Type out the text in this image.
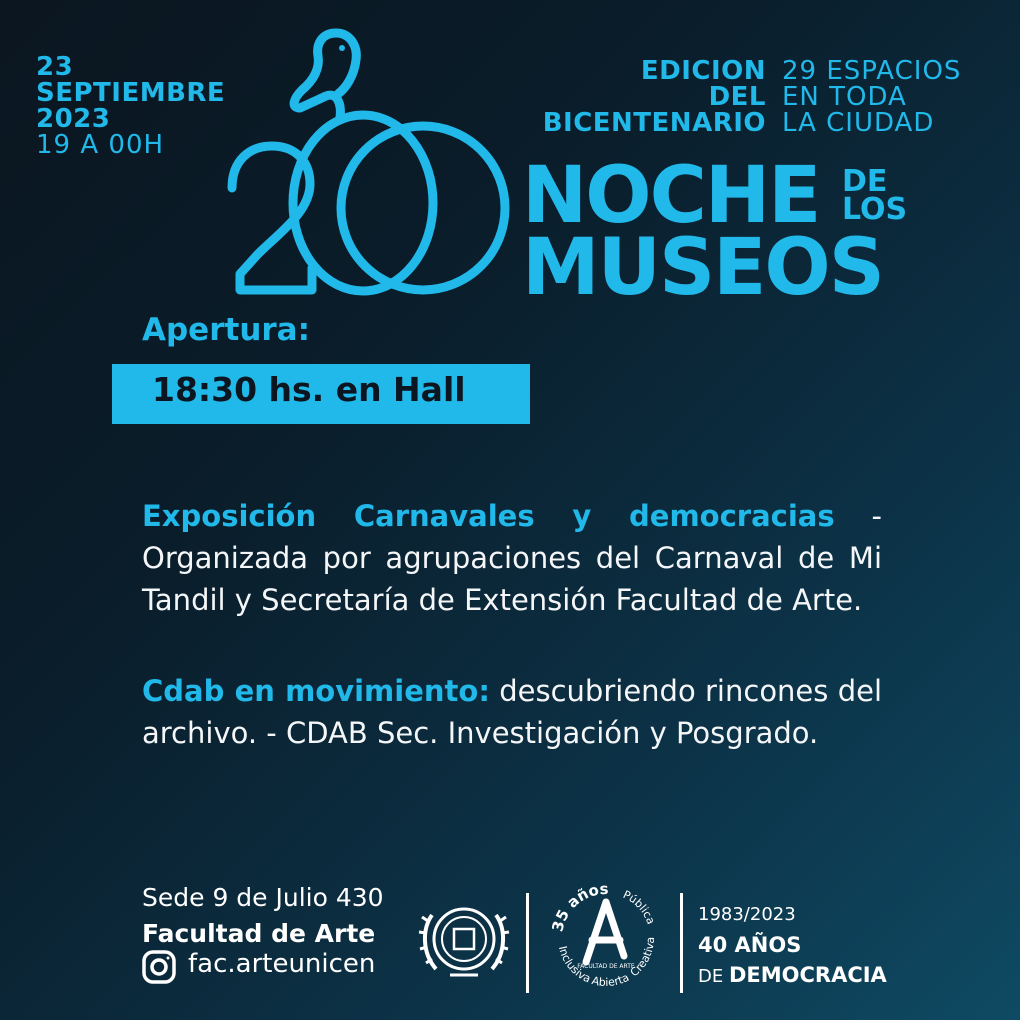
23
SEPTIEMBRE
2023
19 A 00H
EDICION
DEL
BICENTENARIO
29 ESPACIOS
EN TODA
LA CIUDAD
NOCHE DE
LOS
MUSEOS
Apertura:
18:30 hs. en Hall
Exposición Carnavales y democracias - Organizada por agrupaciones del Carnaval de Mi Tandil y Secretaría de Extensión Facultad de Arte.
Cdab en movimiento: descubriendo rincones del archivo. - CDAB Sec. Investigación y Posgrado.
Sede 9 de Julio 430
Facultad de Arte
fac.arteunicen
35 años Pública
Inclusiva
Abierta
Creativa
FACULTAD DE ARTE
1983/2023
40 AÑOS
DE DEMOCRACIA
